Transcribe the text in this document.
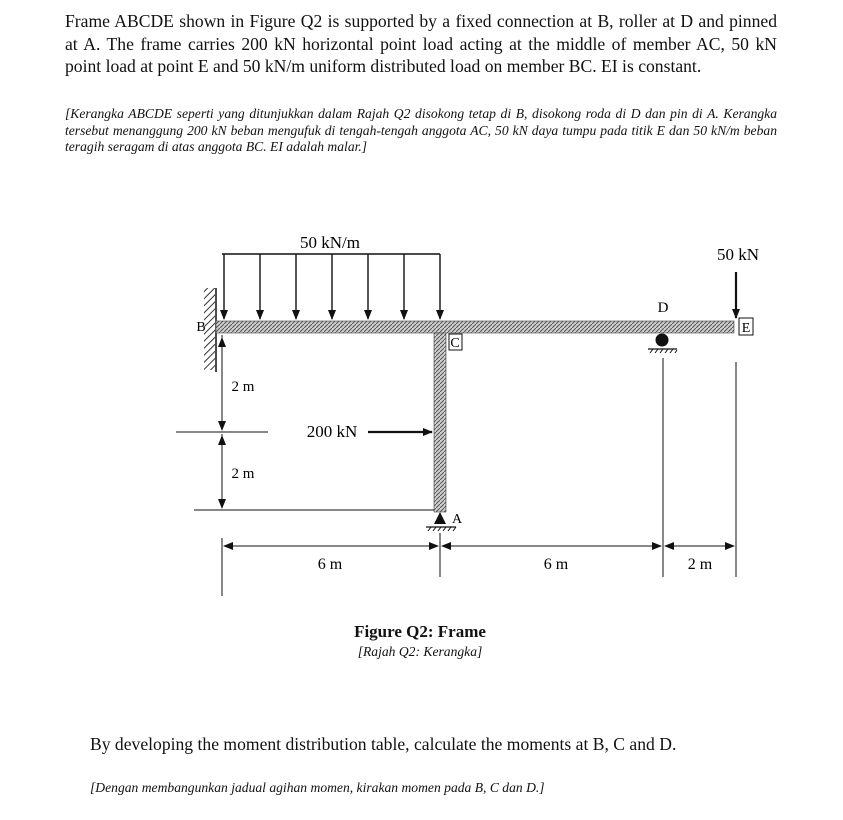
Frame ABCDE shown in Figure Q2 is supported by a fixed connection at B, roller at D and pinned at A. The frame carries 200 kN horizontal point load acting at the middle of member AC, 50 kN point load at point E and 50 kN/m uniform distributed load on member BC. EI is constant.

[Kerangka ABCDE seperti yang ditunjukkan dalam Rajah Q2 disokong tetap di B, disokong roda di D dan pin di A. Kerangka tersebut menanggung 200 kN beban mengufuk di tengah-tengah anggota AC, 50 kN daya tumpu pada titik E dan 50 kN/m beban teragih seragam di atas anggota BC. EI adalah malar.]

50 kN/m
50 kN
B
C
D
E
A
200 kN
2 m
2 m
6 m	6 m	2 m
Figure Q2: Frame
[Rajah Q2: Kerangka]

By developing the moment distribution table, calculate the moments at B, C and D.

[Dengan membangunkan jadual agihan momen, kirakan momen pada B, C dan D.]
